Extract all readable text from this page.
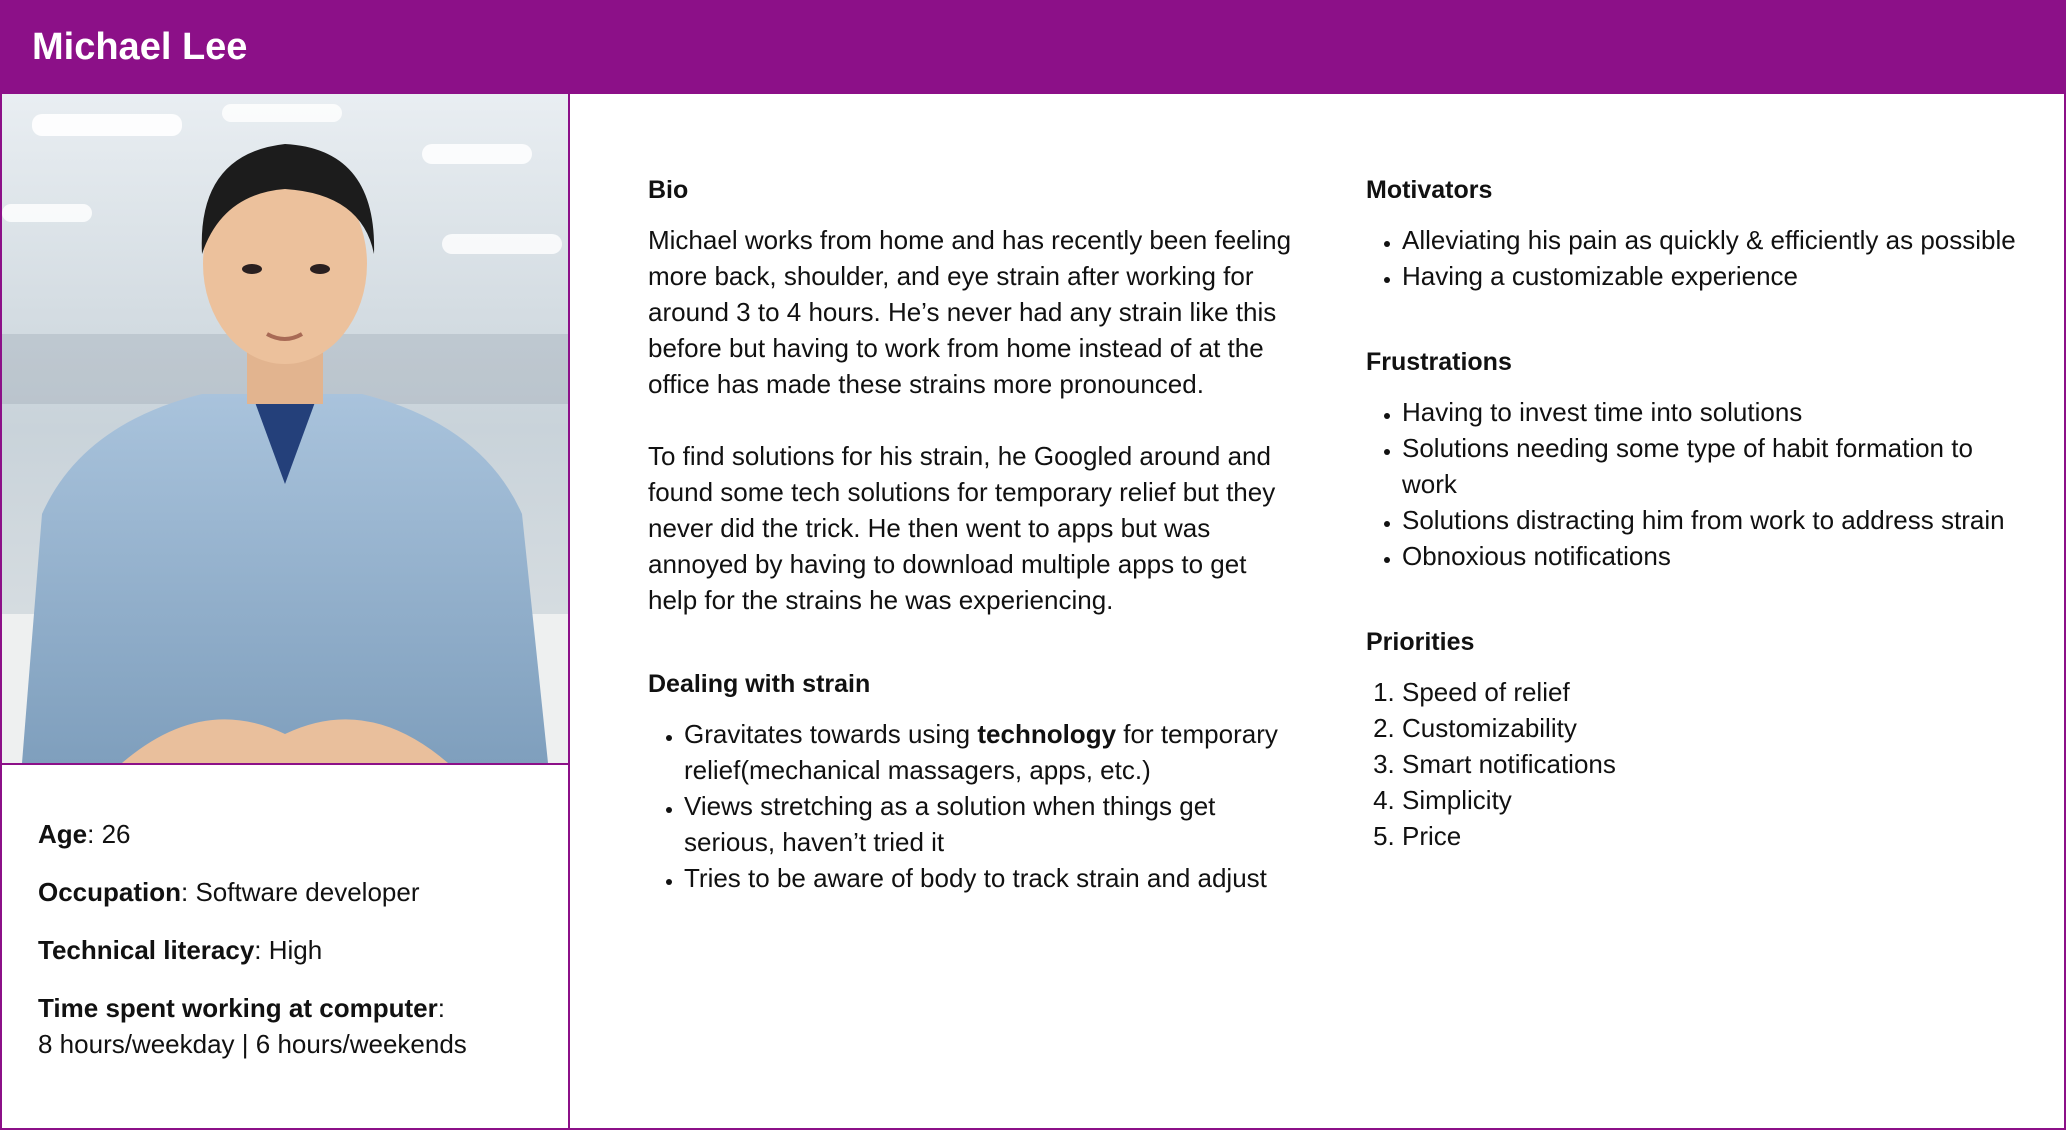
Michael Lee

Age: 26

Occupation: Software developer

Technical literacy: High

Time spent working at computer:
8 hours/weekday | 6 hours/weekends

Bio

Michael works from home and has recently been feeling more back, shoulder, and eye strain after working for around 3 to 4 hours. He’s never had any strain like this before but having to work from home instead of at the office has made these strains more pronounced.

To find solutions for his strain, he Googled around and found some tech solutions for temporary relief but they never did the trick. He then went to apps but was annoyed by having to download multiple apps to get help for the strains he was experiencing.

Dealing with strain
• Gravitates towards using technology for temporary relief(mechanical massagers, apps, etc.)
• Views stretching as a solution when things get serious, haven’t tried it
• Tries to be aware of body to track strain and adjust
Motivators
• Alleviating his pain as quickly & efficiently as possible
• Having a customizable experience
Frustrations
• Having to invest time into solutions
• Solutions needing some type of habit formation to work
• Solutions distracting him from work to address strain
• Obnoxious notifications
Priorities
1. Speed of relief
2. Customizability
3. Smart notifications
4. Simplicity
5. Price
